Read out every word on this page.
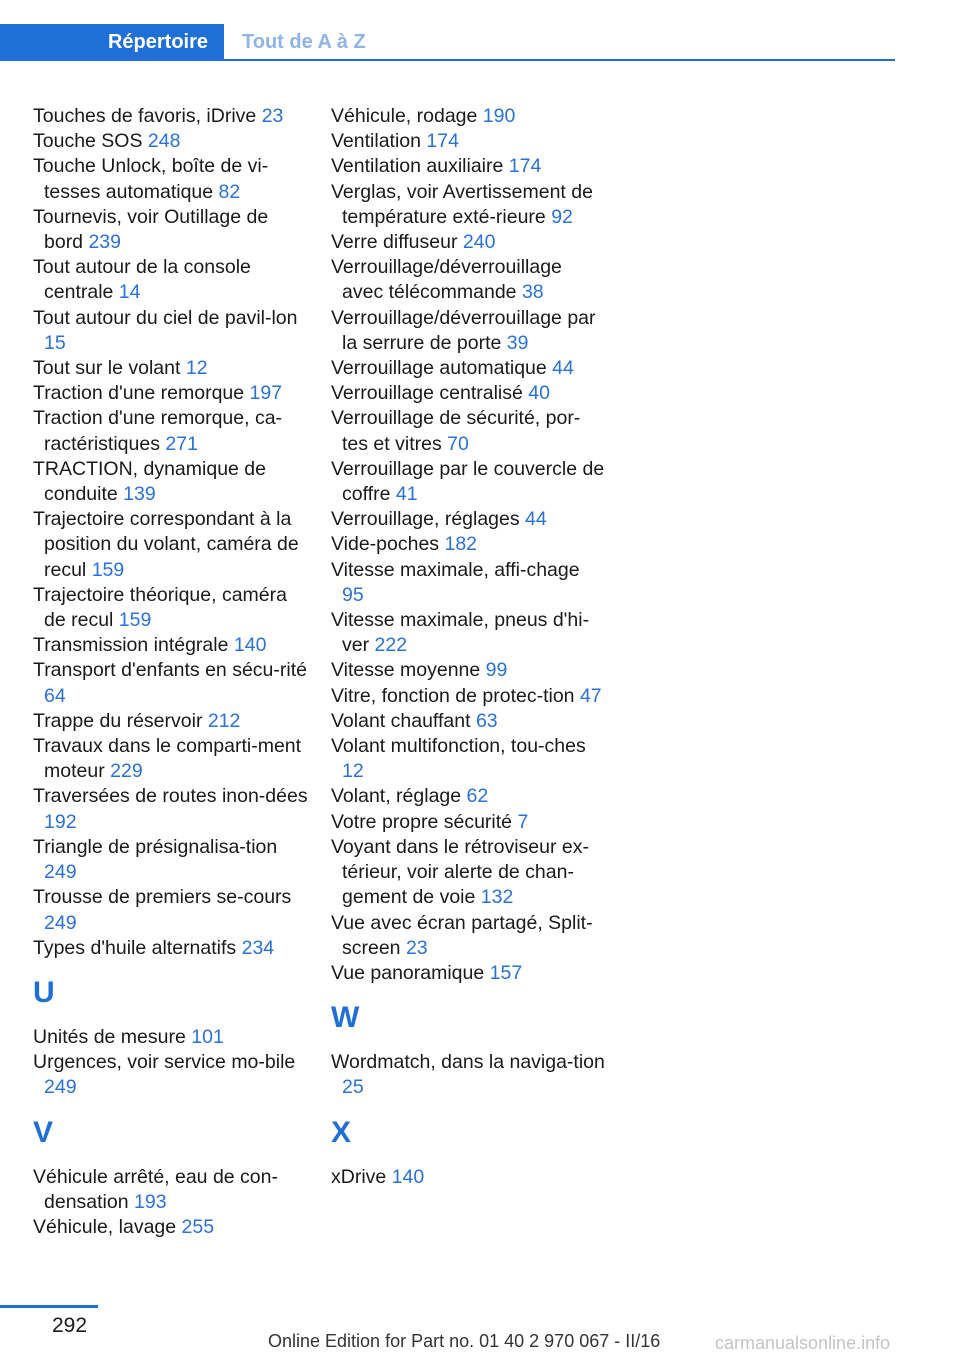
Répertoire	Tout de A à Z
Touches de favoris, iDrive 23
Touche SOS 248
Touche Unlock, boîte de vi-tesses automatique 82
Tournevis, voir Outillage de bord 239
Tout autour de la console centrale 14
Tout autour du ciel de pavil-lon 15
Tout sur le volant 12
Traction d'une remorque 197
Traction d'une remorque, ca-ractéristiques 271
TRACTION, dynamique de conduite 139
Trajectoire correspondant à la position du volant, caméra de recul 159
Trajectoire théorique, caméra de recul 159
Transmission intégrale 140
Transport d'enfants en sécu-rité 64
Trappe du réservoir 212
Travaux dans le comparti-ment moteur 229
Traversées de routes inon-dées 192
Triangle de présignalisa-tion 249
Trousse de premiers se-cours 249
Types d'huile alternatifs 234
U
Unités de mesure 101
Urgences, voir service mo-bile 249
V
Véhicule arrêté, eau de con-densation 193
Véhicule, lavage 255
Véhicule, rodage 190
Ventilation 174
Ventilation auxiliaire 174
Verglas, voir Avertissement de température exté-rieure 92
Verre diffuseur 240
Verrouillage/déverrouillage avec télécommande 38
Verrouillage/déverrouillage par la serrure de porte 39
Verrouillage automatique 44
Verrouillage centralisé 40
Verrouillage de sécurité, por-tes et vitres 70
Verrouillage par le couvercle de coffre 41
Verrouillage, réglages 44
Vide-poches 182
Vitesse maximale, affi-chage 95
Vitesse maximale, pneus d'hi-ver 222
Vitesse moyenne 99
Vitre, fonction de protec-tion 47
Volant chauffant 63
Volant multifonction, tou-ches 12
Volant, réglage 62
Votre propre sécurité 7
Voyant dans le rétroviseur ex-térieur, voir alerte de chan-gement de voie 132
Vue avec écran partagé, Split-screen 23
Vue panoramique 157
W
Wordmatch, dans la naviga-tion 25
X
xDrive 140
292
Online Edition for Part no. 01 40 2 970 067 - II/16	carmanualsonline.info
